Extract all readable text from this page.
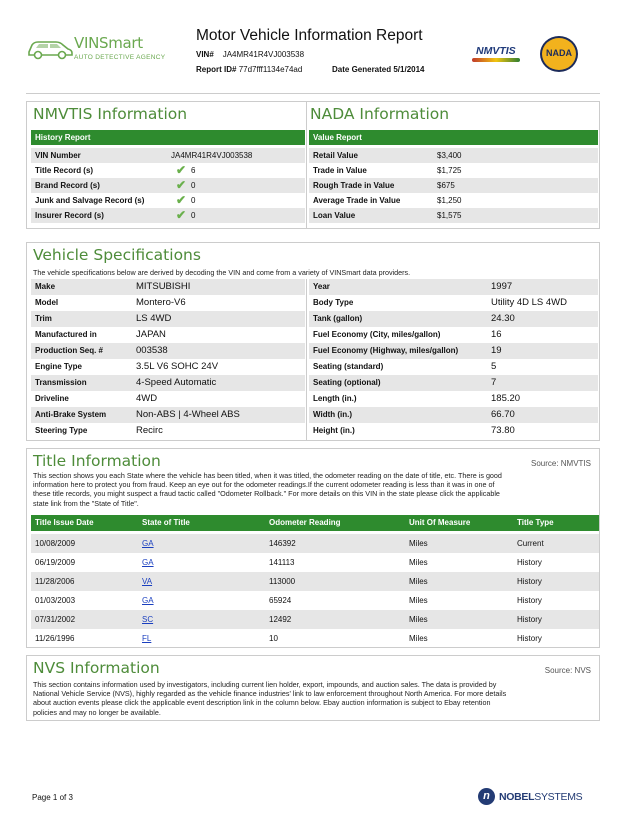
VINSmart
AUTO DETECTIVE AGENCY
Motor Vehicle Information Report
VIN# JA4MR41R4VJ003538
Report ID# 77d7fff1134e74ad	Date Generated 5/1/2014
NMVTIS	NADA
NMVTIS Information	NADA Information
History Report	Value Report
VIN Number	JA4MR41R4VJ003538
✔
Title Record (s)	6
✔
Brand Record (s)	0
✔
Junk and Salvage Record (s)	0
✔
Insurer Record (s)	0
Retail Value	$3,400
Trade in Value	$1,725
Rough Trade in Value	$675
Average Trade in Value	$1,250
Loan Value	$1,575
Vehicle Specifications
The vehicle specifications below are derived by decoding the VIN and come from a variety of VINSmart data providers.
Make	MITSUBISHI
Model	Montero-V6
Trim	LS 4WD
Manufactured in	JAPAN
Production Seq. #	003538
Engine Type	3.5L V6 SOHC 24V
Transmission	4-Speed Automatic
Driveline	4WD
Anti-Brake System	Non-ABS | 4-Wheel ABS
Steering Type	Recirc
Year	1997
Body Type	Utility 4D LS 4WD
Tank (gallon)	24.30
Fuel Economy (City, miles/gallon)	16
Fuel Economy (Highway, miles/gallon)	19
Seating (standard)	5
Seating (optional)	7
Length (in.)	185.20
Width (in.)	66.70
Height (in.)	73.80
Title Information	Source: NMVTIS
This section shows you each State where the vehicle has been titled, when it was titled, the odometer reading on the date of title, etc. There is good
information here to protect you from fraud. Keep an eye out for the odometer readings.If the current odometer reading is less than it was in one of
these title records, you might suspect a fraud tactic called "Odometer Rollback." For more details on this VIN in the state please click the applicable
state link from the "State of Title".
Title Issue Date	State of Title	Odometer Reading	Unit Of Measure	Title Type
10/08/2009	GA	146392	Miles	Current
06/19/2009	GA	141113	Miles	History
11/28/2006	VA	113000	Miles	History
01/03/2003	GA	65924	Miles	History
07/31/2002	SC	12492	Miles	History
11/26/1996	FL	10	Miles	History
NVS Information	Source: NVS
This section contains information used by investigators, including current lien holder, export, impounds, and auction sales. The data is provided by
National Vehicle Service (NVS), highly regarded as the vehicle finance industries' link to law enforcement throughout North America. For more details
about auction events please click the applicable event description link in the column below. Ebay auction information is subject to Ebay retention
policies and may no longer be available.
Page 1 of 3	n NOBELSYSTEMS
